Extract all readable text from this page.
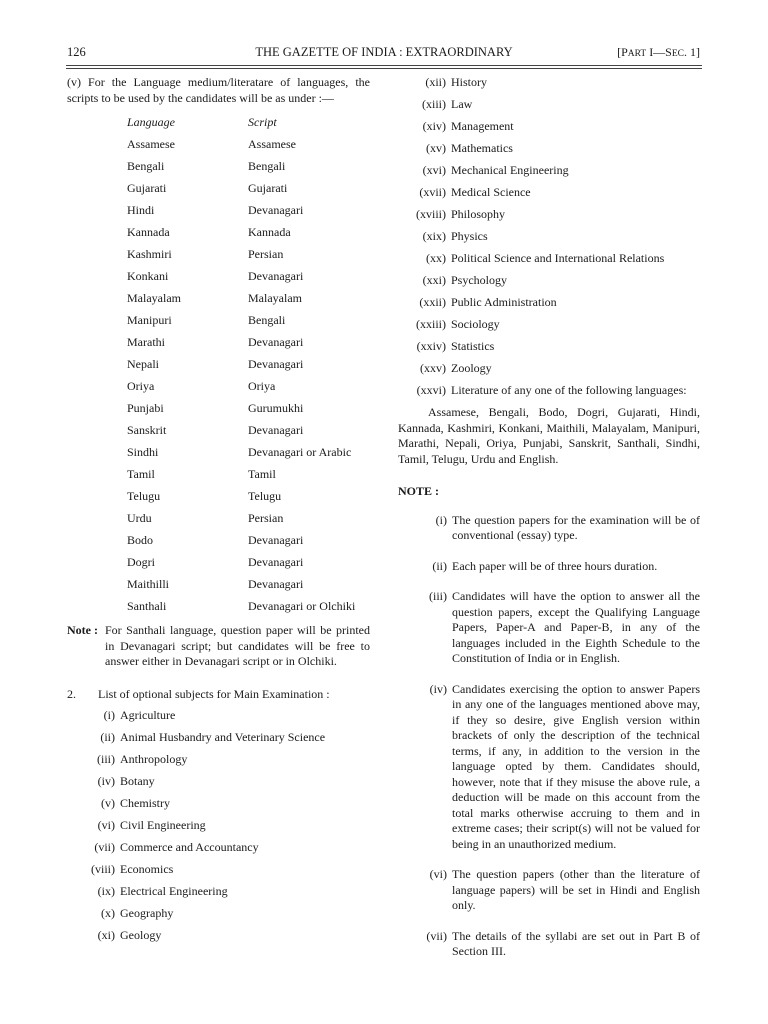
126	THE GAZETTE OF INDIA : EXTRAORDINARY	[PART I—SEC. 1]
(v) For the Language medium/literatare of languages, the scripts to be used by the candidates will be as under :—
Language	Script
Assamese	Assamese
Bengali	Bengali
Gujarati	Gujarati
Hindi	Devanagari
Kannada	Kannada
Kashmiri	Persian
Konkani	Devanagari
Malayalam	Malayalam
Manipuri	Bengali
Marathi	Devanagari
Nepali	Devanagari
Oriya	Oriya
Punjabi	Gurumukhi
Sanskrit	Devanagari
Sindhi	Devanagari or Arabic
Tamil	Tamil
Telugu	Telugu
Urdu	Persian
Bodo	Devanagari
Dogri	Devanagari
Maithilli	Devanagari
Santhali	Devanagari or Olchiki
Note : For Santhali language, question paper will be printed in Devanagari script; but candidates will be free to answer either in Devanagari script or in Olchiki.
2.	List of optional subjects for Main Examination :
(i) Agriculture
(ii) Animal Husbandry and Veterinary Science
(iii) Anthropology
(iv) Botany
(v) Chemistry
(vi) Civil Engineering
(vii) Commerce and Accountancy
(viii) Economics
(ix) Electrical Engineering
(x) Geography
(xi) Geology
(xii) History
(xiii) Law
(xiv) Management
(xv) Mathematics
(xvi) Mechanical Engineering
(xvii) Medical Science
(xviii) Philosophy
(xix) Physics
(xx) Political Science and International Relations
(xxi) Psychology
(xxii) Public Administration
(xxiii) Sociology
(xxiv) Statistics
(xxv) Zoology
(xxvi) Literature of any one of the following languages:
Assamese, Bengali, Bodo, Dogri, Gujarati, Hindi, Kannada, Kashmiri, Konkani, Maithili, Malayalam, Manipuri, Marathi, Nepali, Oriya, Punjabi, Sanskrit, Santhali, Sindhi, Tamil, Telugu, Urdu and English.
NOTE :
(i) The question papers for the examination will be of conventional (essay) type.
(ii) Each paper will be of three hours duration.
(iii) Candidates will have the option to answer all the question papers, except the Qualifying Language Papers, Paper-A and Paper-B, in any of the languages included in the Eighth Schedule to the Constitution of India or in English.
(iv) Candidates exercising the option to answer Papers in any one of the languages mentioned above may, if they so desire, give English version within brackets of only the description of the technical terms, if any, in addition to the version in the language opted by them. Candidates should, however, note that if they misuse the above rule, a deduction will be made on this account from the total marks otherwise accruing to them and in extreme cases; their script(s) will not be valued for being in an unauthorized medium.
(vi) The question papers (other than the literature of language papers) will be set in Hindi and English only.
(vii) The details of the syllabi are set out in Part B of Section III.
